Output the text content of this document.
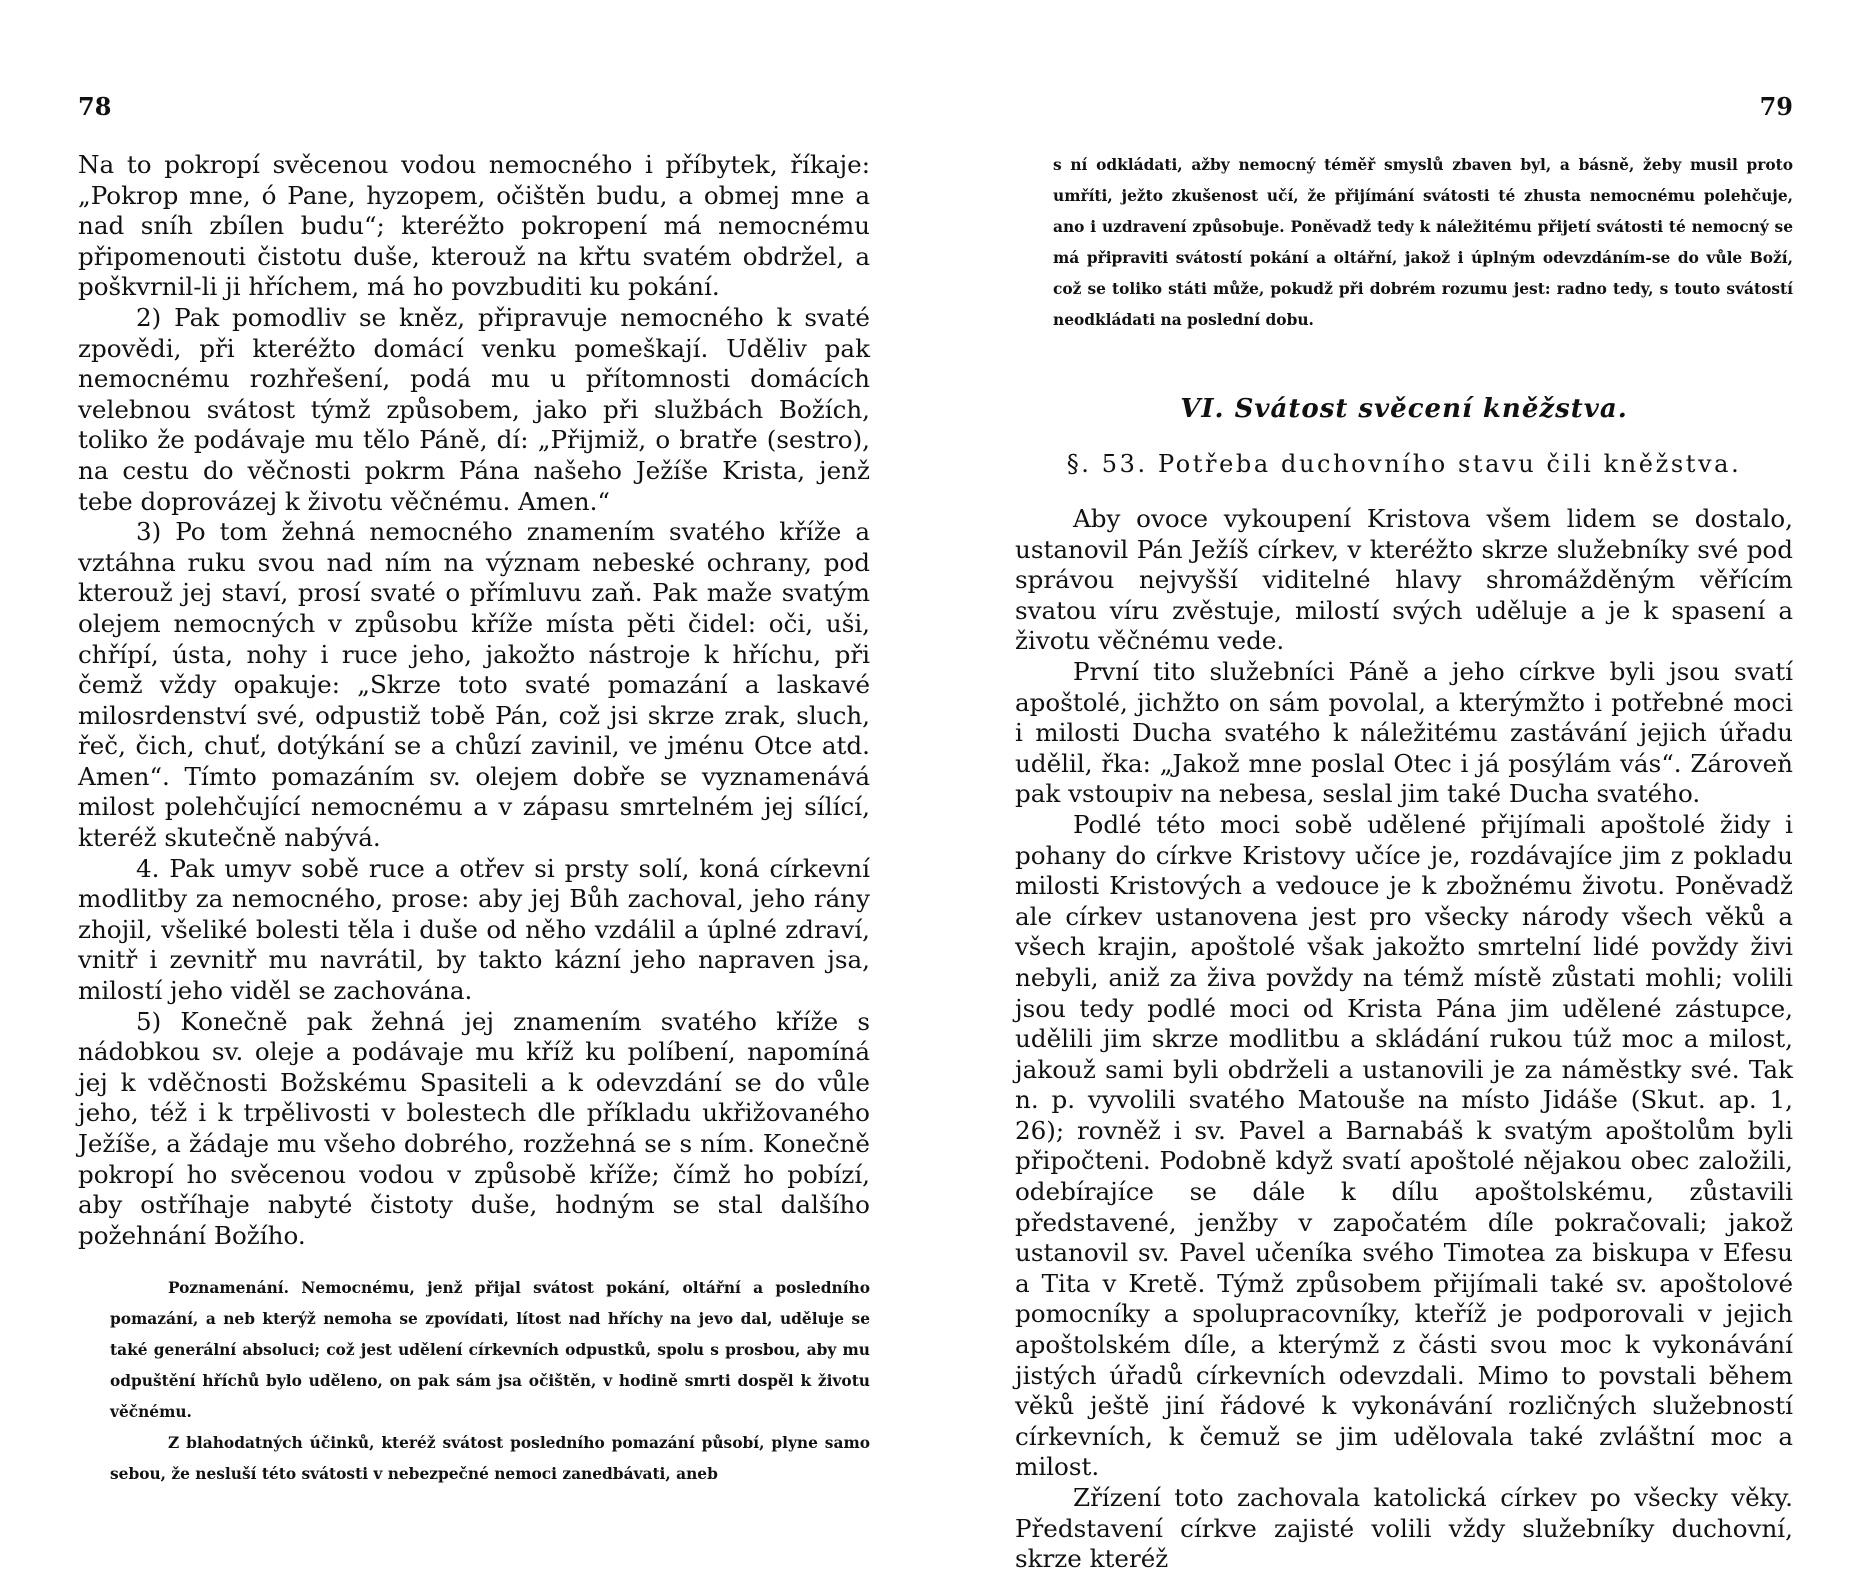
78

Na to pokropí svěcenou vodou nemocného i příbytek, říkaje: „Pokrop mne, ó Pane, hyzopem, očištěn budu, a obmej mne a nad sníh zbílen budu“; kteréžto pokropení má nemocnému připomenouti čistotu duše, kterouž na křtu svatém obdržel, a poškvrnil-li ji hříchem, má ho povzbuditi ku pokání.

2) Pak pomodliv se kněz, připravuje nemocného k svaté zpovědi, při kteréžto domácí venku pomeškají. Uděliv pak nemocnému rozhřešení, podá mu u přítomnosti domácích velebnou svátost týmž způsobem, jako při službách Božích, toliko že podávaje mu tělo Páně, dí: „Přijmiž, o bratře (sestro), na cestu do věčnosti pokrm Pána našeho Ježíše Krista, jenž tebe doprovázej k životu věčnému. Amen.“

3) Po tom žehná nemocného znamením svatého kříže a vztáhna ruku svou nad ním na význam nebeské ochrany, pod kterouž jej staví, prosí svaté o přímluvu zaň. Pak maže svatým olejem nemocných v způsobu kříže místa pěti čidel: oči, uši, chřípí, ústa, nohy i ruce jeho, jakožto nástroje k hříchu, při čemž vždy opakuje: „Skrze toto svaté pomazání a laskavé milosrdenství své, odpustiž tobě Pán, což jsi skrze zrak, sluch, řeč, čich, chuť, dotýkání se a chůzí zavinil, ve jménu Otce atd. Amen“. Tímto pomazáním sv. olejem dobře se vyznamenává milost polehčující nemocnému a v zápasu smrtelném jej sílící, kteréž skutečně nabývá.

4. Pak umyv sobě ruce a otřev si prsty solí, koná církevní modlitby za nemocného, prose: aby jej Bůh zachoval, jeho rány zhojil, všeliké bolesti těla i duše od něho vzdálil a úplné zdraví, vnitř i zevnitř mu navrátil, by takto kázní jeho napraven jsa, milostí jeho viděl se zachována.

5) Konečně pak žehná jej znamením svatého kříže s nádobkou sv. oleje a podávaje mu kříž ku políbení, napomíná jej k vděčnosti Božskému Spasiteli a k odevzdání se do vůle jeho, též i k trpělivosti v bolestech dle příkladu ukřižovaného Ježíše, a žádaje mu všeho dobrého, rozžehná se s ním. Konečně pokropí ho svěcenou vodou v způsobě kříže; čímž ho pobízí, aby ostříhaje nabyté čistoty duše, hodným se stal dalšího požehnání Božího.

Poznamenání. Nemocnému, jenž přijal svátost pokání, oltářní a posledního pomazání, a neb kterýž nemoha se zpovídati, lítost nad hříchy na jevo dal, uděluje se také generální absoluci; což jest udělení církevních odpustků, spolu s prosbou, aby mu odpuštění hříchů bylo uděleno, on pak sám jsa očištěn, v hodině smrti dospěl k životu věčnému.

Z blahodatných účinků, kteréž svátost posledního pomazání působí, plyne samo sebou, že nesluší této svátosti v nebezpečné nemoci zanedbávati, aneb

79

s ní odkládati, ažby nemocný téměř smyslů zbaven byl, a básně, žeby musil proto umříti, ježto zkušenost učí, že přijímání svátosti té zhusta nemocnému polehčuje, ano i uzdravení způsobuje. Poněvadž tedy k náležitému přijetí svátosti té nemocný se má připraviti svátostí pokání a oltářní, jakož i úplným odevzdáním-se do vůle Boží, což se toliko státi může, pokudž při dobrém rozumu jest: radno tedy, s touto svátostí neodkládati na poslední dobu.

VI. Svátost svěcení kněžstva.
§. 53. Potřeba duchovního stavu čili kněžstva.

Aby ovoce vykoupení Kristova všem lidem se dostalo, ustanovil Pán Ježíš církev, v kteréžto skrze služebníky své pod správou nejvyšší viditelné hlavy shromážděným věřícím svatou víru zvěstuje, milostí svých uděluje a je k spasení a životu věčnému vede.

První tito služebníci Páně a jeho církve byli jsou svatí apoštolé, jichžto on sám povolal, a kterýmžto i potřebné moci i milosti Ducha svatého k náležitému zastávání jejich úřadu udělil, řka: „Jakož mne poslal Otec i já posýlám vás“. Zároveň pak vstoupiv na nebesa, seslal jim také Ducha svatého.

Podlé této moci sobě udělené přijímali apoštolé židy i pohany do církve Kristovy učíce je, rozdávajíce jim z pokladu milosti Kristových a vedouce je k zbožnému životu. Poněvadž ale církev ustanovena jest pro všecky národy všech věků a všech krajin, apoštolé však jakožto smrtelní lidé povždy živi nebyli, aniž za živa povždy na témž místě zůstati mohli; volili jsou tedy podlé moci od Krista Pána jim udělené zástupce, udělili jim skrze modlitbu a skládání rukou túž moc a milost, jakouž sami byli obdrželi a ustanovili je za náměstky své. Tak n. p. vyvolili svatého Matouše na místo Jidáše (Skut. ap. 1, 26); rovněž i sv. Pavel a Barnabáš k svatým apoštolům byli připočteni. Podobně když svatí apoštolé nějakou obec založili, odebírajíce se dále k dílu apoštolskému, zůstavili představené, jenžby v započatém díle pokračovali; jakož ustanovil sv. Pavel učeníka svého Timotea za biskupa v Efesu a Tita v Kretě. Týmž způsobem přijímali také sv. apoštolové pomocníky a spolupracovníky, kteříž je podporovali v jejich apoštolském díle, a kterýmž z části svou moc k vykonávání jistých úřadů církevních odevzdali. Mimo to povstali během věků ještě jiní řádové k vykonávání rozličných služebností církevních, k čemuž se jim udělovala také zvláštní moc a milost.

Zřízení toto zachovala katolická církev po všecky věky. Představení církve zajisté volili vždy služebníky duchovní, skrze kteréž
